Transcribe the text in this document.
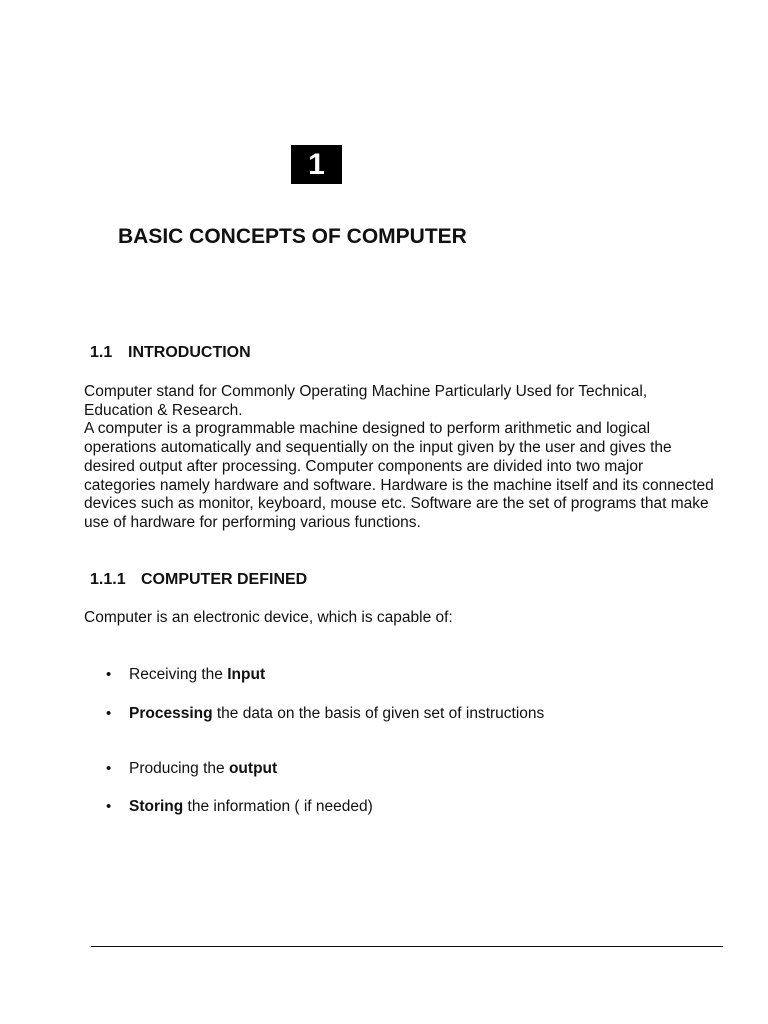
1
BASIC CONCEPTS OF COMPUTER
1.1 INTRODUCTION

Computer stand for Commonly Operating Machine Particularly Used for Technical,
Education & Research.
A computer is a programmable machine designed to perform arithmetic and logical
operations automatically and sequentially on the input given by the user and gives the
desired output after processing. Computer components are divided into two major
categories namely hardware and software. Hardware is the machine itself and its connected
devices such as monitor, keyboard, mouse etc. Software are the set of programs that make
use of hardware for performing various functions.

1.1.1 COMPUTER DEFINED

Computer is an electronic device, which is capable of:

• Receiving the Input
• Processing the data on the basis of given set of instructions
• Producing the output
• Storing the information ( if needed)
